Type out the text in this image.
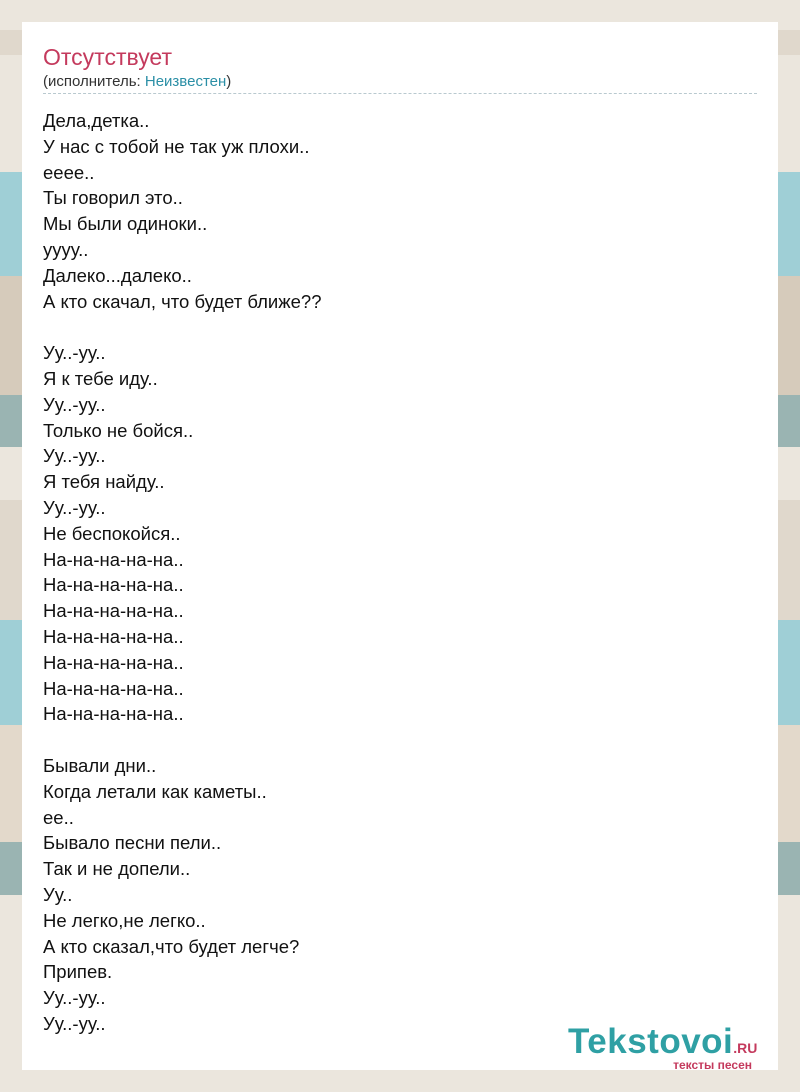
Отсутствует
(исполнитель: Неизвестен)
Дела,детка..
У нас с тобой не так уж плохи..
ееее..
Ты говорил это..
Мы были одиноки..
уууу..
Далеко...далеко..
А кто скачал, что будет ближе??
Уу..-уу..
Я к тебе иду..
Уу..-уу..
Только не бойся..
Уу..-уу..
Я тебя найду..
Уу..-уу..
Не беспокойся..
На-на-на-на-на..
На-на-на-на-на..
На-на-на-на-на..
На-на-на-на-на..
На-на-на-на-на..
На-на-на-на-на..
На-на-на-на-на..
Бывали дни..
Когда летали как каметы..
ее..
Бывало песни пели..
Так и не допели..
Уу..
Не легко,не легко..
А кто сказал,что будет легче?
Припев.
Уу..-уу..
Уу..-уу..	Tekstovoi.RU
тексты песен
